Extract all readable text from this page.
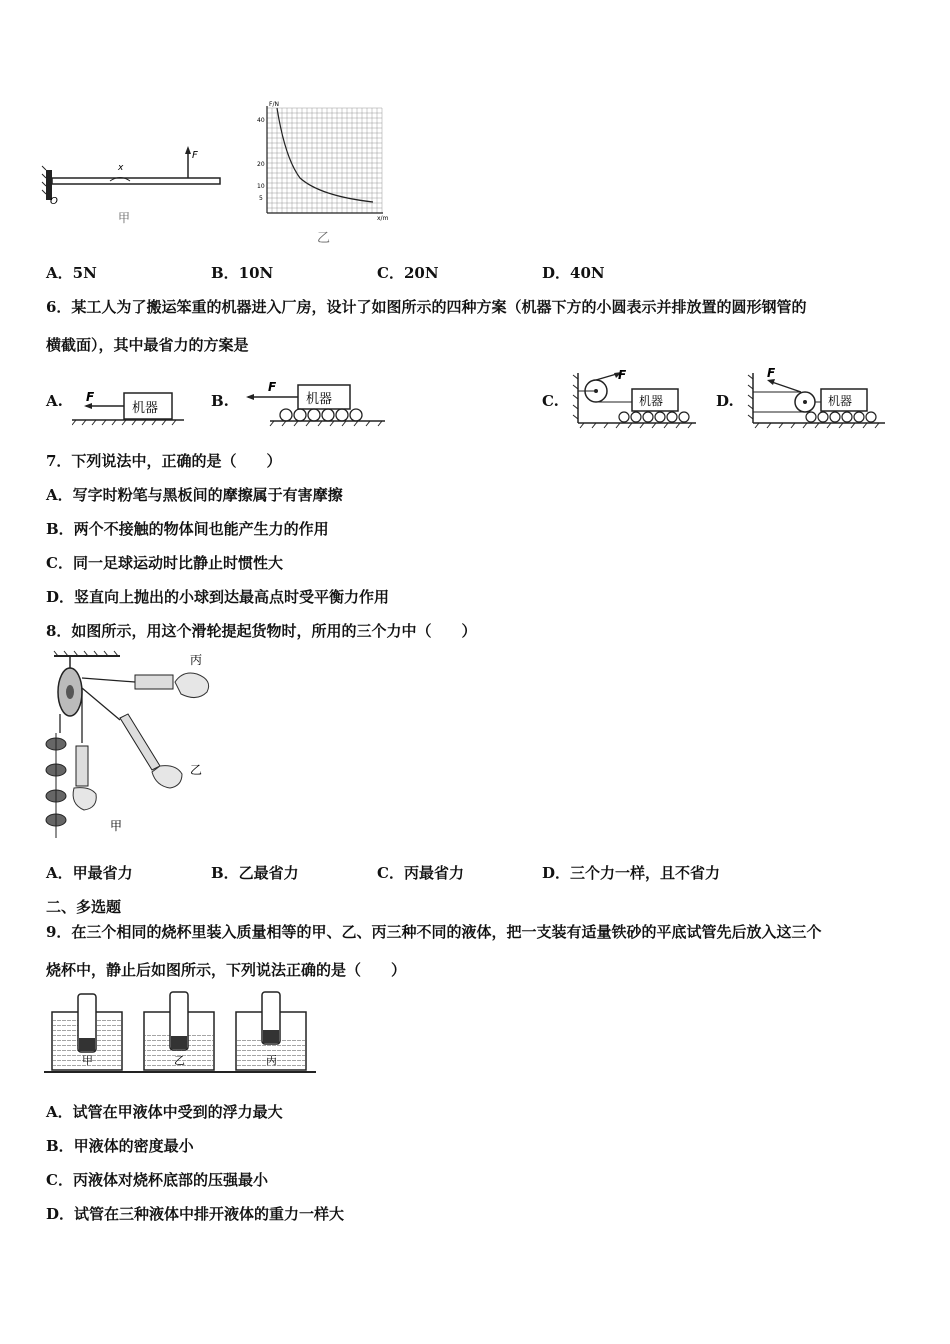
O
F
x
甲
40
20
10
5
F/N
x/m
乙
A．5N	B．10N	C．20N	D．40N
6．某工人为了搬运笨重的机器进入厂房，设计了如图所示的四种方案（机器下方的小圆表示并排放置的圆形钢管的
横截面），其中最省力的方案是
A.	机器
F	B.	机器
F
C.
F
机器	D.
F
机器
7．下列说法中，正确的是（　　）
A．写字时粉笔与黑板间的摩擦属于有害摩擦
B．两个不接触的物体间也能产生力的作用
C．同一足球运动时比静止时惯性大
D．竖直向上抛出的小球到达最高点时受平衡力作用
8．如图所示，用这个滑轮提起货物时，所用的三个力中（　　）
甲
乙
丙
A．甲最省力	B．乙最省力	C．丙最省力	D．三个力一样，且不省力
二、多选题
9．在三个相同的烧杯里装入质量相等的甲、乙、丙三种不同的液体，把一支装有适量铁砂的平底试管先后放入这三个
烧杯中，静止后如图所示，下列说法正确的是（　　）
甲	乙	丙
A．试管在甲液体中受到的浮力最大
B．甲液体的密度最小
C．丙液体对烧杯底部的压强最小
D．试管在三种液体中排开液体的重力一样大
